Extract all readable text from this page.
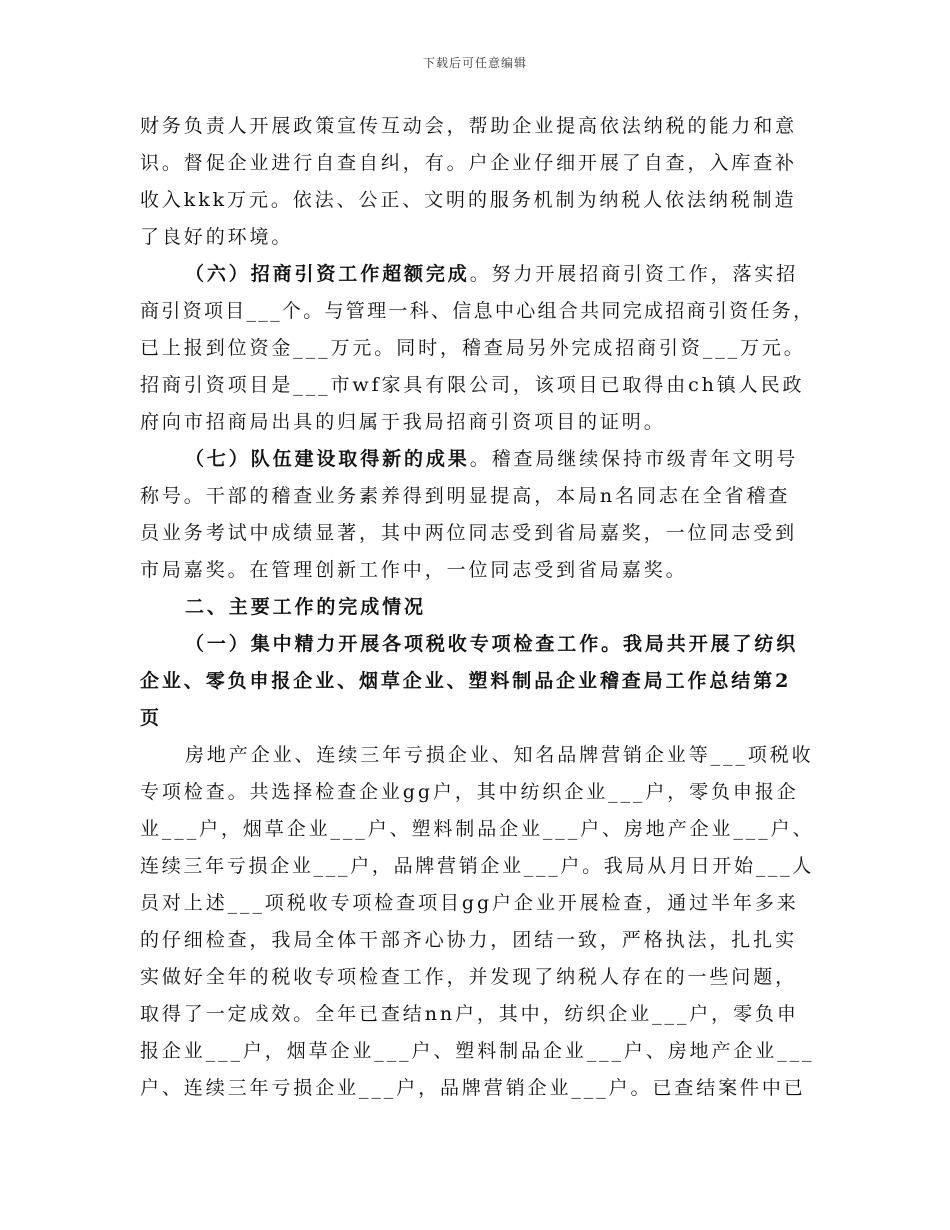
下载后可任意编辑
财务负责人开展政策宣传互动会，帮助企业提高依法纳税的能力和意
识。督促企业进行自查自纠，有。户企业仔细开展了自查，入库查补
收入kkk万元。依法、公正、文明的服务机制为纳税人依法纳税制造
了良好的环境。
（六）招商引资工作超额完成。努力开展招商引资工作，落实招
商引资项目___个。与管理一科、信息中心组合共同完成招商引资任务，
已上报到位资金___万元。同时，稽查局另外完成招商引资___万元。
招商引资项目是___市wf家具有限公司，该项目已取得由ch镇人民政
府向市招商局出具的归属于我局招商引资项目的证明。
（七）队伍建设取得新的成果。稽查局继续保持市级青年文明号
称号。干部的稽查业务素养得到明显提高，本局n名同志在全省稽查
员业务考试中成绩显著，其中两位同志受到省局嘉奖，一位同志受到
市局嘉奖。在管理创新工作中，一位同志受到省局嘉奖。
二、主要工作的完成情况
（一）集中精力开展各项税收专项检查工作。我局共开展了纺织
企业、零负申报企业、烟草企业、塑料制品企业稽查局工作总结第2
页
房地产企业、连续三年亏损企业、知名品牌营销企业等___项税收
专项检查。共选择检查企业gg户，其中纺织企业___户，零负申报企
业___户，烟草企业___户、塑料制品企业___户、房地产企业___户、
连续三年亏损企业___户，品牌营销企业___户。我局从月日开始___人
员对上述___项税收专项检查项目gg户企业开展检查，通过半年多来
的仔细检查，我局全体干部齐心协力，团结一致，严格执法，扎扎实
实做好全年的税收专项检查工作，并发现了纳税人存在的一些问题，
取得了一定成效。全年已查结nn户，其中，纺织企业___户，零负申
报企业___户，烟草企业___户、塑料制品企业___户、房地产企业___
户、连续三年亏损企业___户，品牌营销企业___户。已查结案件中已
